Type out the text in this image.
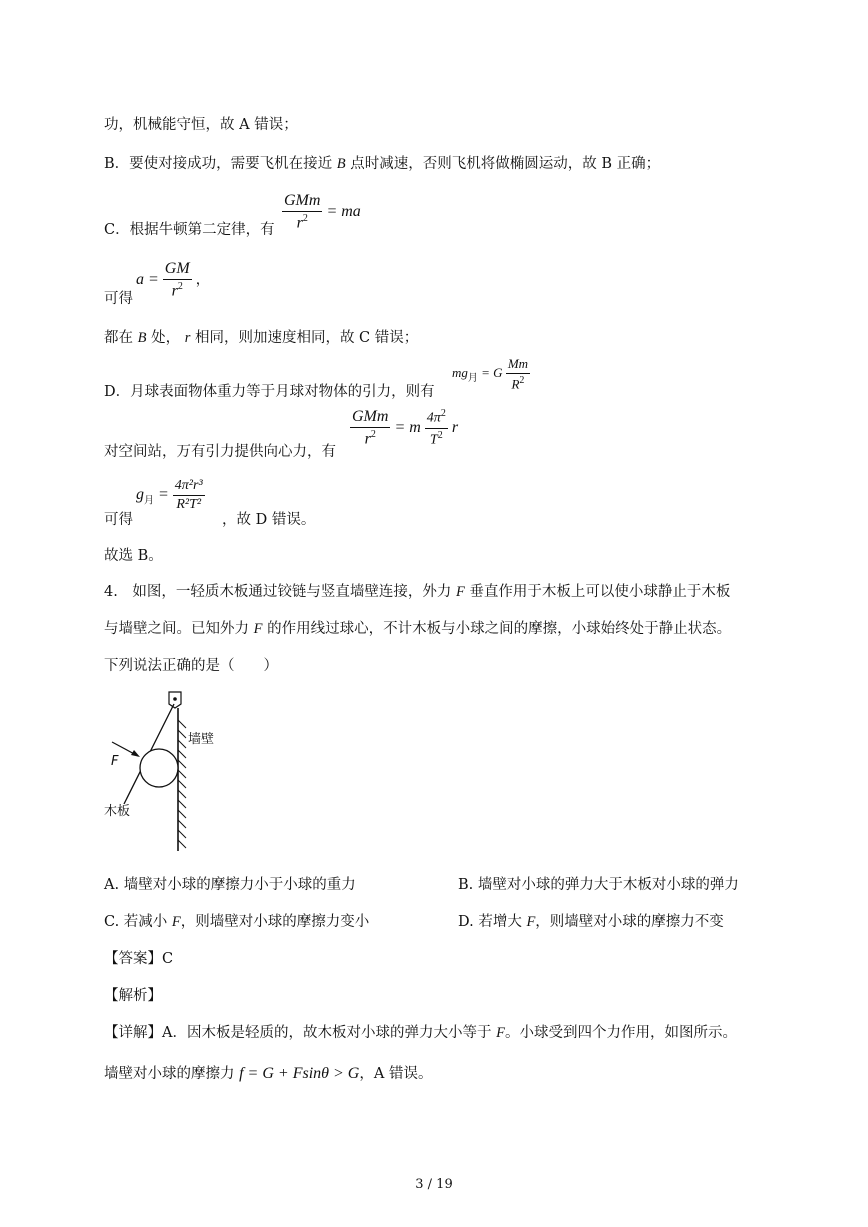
功，机械能守恒，故 A 错误；
B．要使对接成功，需要飞机在接近 B 点时减速，否则飞机将做椭圆运动，故 B 正确；
C．根据牛顿第二定律，有 $\frac{\text{GMm}}{r^2}$ = ma
可得
$a = \frac{GM}{r^2}$ ，
都在 B 处， r 相同，则加速度相同，故 C 错误；
D．月球表面物体重力等于月球对物体的引力，则有
$mg_月 = G \frac{Mm}{R^2}$
对空间站，万有引力提供向心力，有
$\frac{\text{GMm}}{r^2} = m \frac{4\pi^2}{T^2}$ r
可得
$g_月 = \frac{\text{4π²r³}}{\text{R²T²}}$
，故 D 错误。
故选 B。
4.　如图，一轻质木板通过铰链与竖直墙壁连接，外力 F 垂直作用于木板上可以使小球静止于木板
与墙壁之间。已知外力 F 的作用线过球心，不计木板与小球之间的摩擦，小球始终处于静止状态。
下列说法正确的是（　　）
墙壁
F
木板
A. 墙壁对小球的摩擦力小于小球的重力	B. 墙壁对小球的弹力大于木板对小球的弹力
C. 若减小 F，则墙壁对小球的摩擦力变小	D. 若增大 F，则墙壁对小球的摩擦力不变
【答案】C
【解析】
【详解】A．因木板是轻质的，故木板对小球的弹力大小等于 F。小球受到四个力作用，如图所示。
墙壁对小球的摩擦力 f = G + Fsinθ > G，A 错误。
3 / 19
